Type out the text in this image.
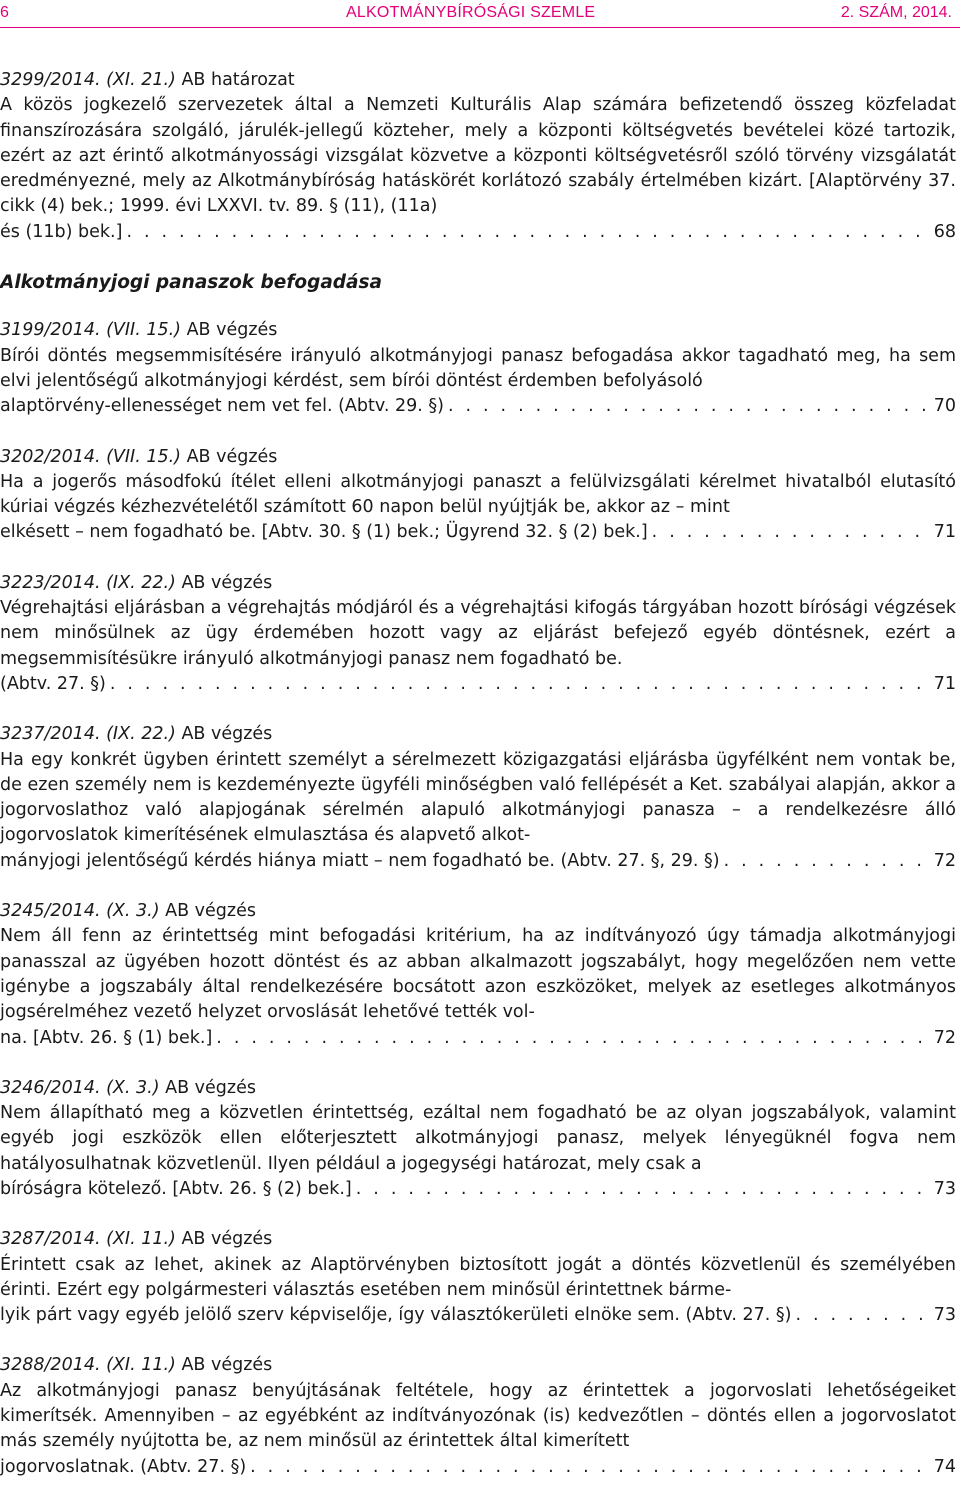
6	ALKOTMÁNYBÍRÓSÁGI SZEMLE	2. SZÁM, 2014.
3299/2014. (XI. 21.) AB határozat
A közös jogkezelő szervezetek által a Nemzeti Kulturális Alap számára befizetendő összeg közfeladat finanszírozására szolgáló, járulék-jellegű közteher, mely a központi költségvetés bevételei közé tartozik, ezért az azt érintő alkotmányossági vizsgálat közvetve a központi költségvetésről szóló törvény vizsgálatát eredményezné, mely az Alkotmánybíróság hatáskörét korlátozó szabály értelmében kizárt. [Alaptörvény 37. cikk (4) bek.; 1999. évi LXXVI. tv. 89. § (11), (11a)
és (11b) bek.] . . .	68
Alkotmányjogi panaszok befogadása
3199/2014. (VII. 15.) AB végzés
Bírói döntés megsemmisítésére irányuló alkotmányjogi panasz befogadása akkor tagadható meg, ha sem elvi jelentőségű alkotmányjogi kérdést, sem bírói döntést érdemben befolyásoló
alaptörvény-ellenességet nem vet fel. (Abtv. 29. §) . . .	70
3202/2014. (VII. 15.) AB végzés
Ha a jogerős másodfokú ítélet elleni alkotmányjogi panaszt a felülvizsgálati kérelmet hivatalból elutasító kúriai végzés kézhezvételétől számított 60 napon belül nyújtják be, akkor az – mint
elkésett – nem fogadható be. [Abtv. 30. § (1) bek.; Ügyrend 32. § (2) bek.] . . .	71
3223/2014. (IX. 22.) AB végzés
Végrehajtási eljárásban a végrehajtás módjáról és a végrehajtási kifogás tárgyában hozott bírósági végzések nem minősülnek az ügy érdemében hozott vagy az eljárást befejező egyéb döntésnek, ezért a megsemmisítésükre irányuló alkotmányjogi panasz nem fogadható be.
(Abtv. 27. §) . . .	71
3237/2014. (IX. 22.) AB végzés
Ha egy konkrét ügyben érintett személyt a sérelmezett közigazgatási eljárásba ügyfélként nem vontak be, de ezen személy nem is kezdeményezte ügyféli minőségben való fellépését a Ket. szabályai alapján, akkor a jogorvoslathoz való alapjogának sérelmén alapuló alkotmányjogi panasza – a rendelkezésre álló jogorvoslatok kimerítésének elmulasztása és alapvető alkot-
mányjogi jelentőségű kérdés hiánya miatt – nem fogadható be. (Abtv. 27. §, 29. §) . . .	72
3245/2014. (X. 3.) AB végzés
Nem áll fenn az érintettség mint befogadási kritérium, ha az indítványozó úgy támadja alkotmányjogi panasszal az ügyében hozott döntést és az abban alkalmazott jogszabályt, hogy megelőzően nem vette igénybe a jogszabály által rendelkezésére bocsátott azon eszközöket, melyek az esetleges alkotmányos jogsérelméhez vezető helyzet orvoslását lehetővé tették vol-
na. [Abtv. 26. § (1) bek.] . . .	72
3246/2014. (X. 3.) AB végzés
Nem állapítható meg a közvetlen érintettség, ezáltal nem fogadható be az olyan jogszabályok, valamint egyéb jogi eszközök ellen előterjesztett alkotmányjogi panasz, melyek lényegüknél fogva nem hatályosulhatnak közvetlenül. Ilyen például a jogegységi határozat, mely csak a
bíróságra kötelező. [Abtv. 26. § (2) bek.] . . .	73
3287/2014. (XI. 11.) AB végzés
Érintett csak az lehet, akinek az Alaptörvényben biztosított jogát a döntés közvetlenül és személyében érinti. Ezért egy polgármesteri választás esetében nem minősül érintettnek bárme-
lyik párt vagy egyéb jelölő szerv képviselője, így választókerületi elnöke sem. (Abtv. 27. §) . . .	73
3288/2014. (XI. 11.) AB végzés
Az alkotmányjogi panasz benyújtásának feltétele, hogy az érintettek a jogorvoslati lehetőségeiket kimerítsék. Amennyiben – az egyébként az indítványozónak (is) kedvezőtlen – döntés ellen a jogorvoslatot más személy nyújtotta be, az nem minősül az érintettek által kimerített
jogorvoslatnak. (Abtv. 27. §) . . .	74
